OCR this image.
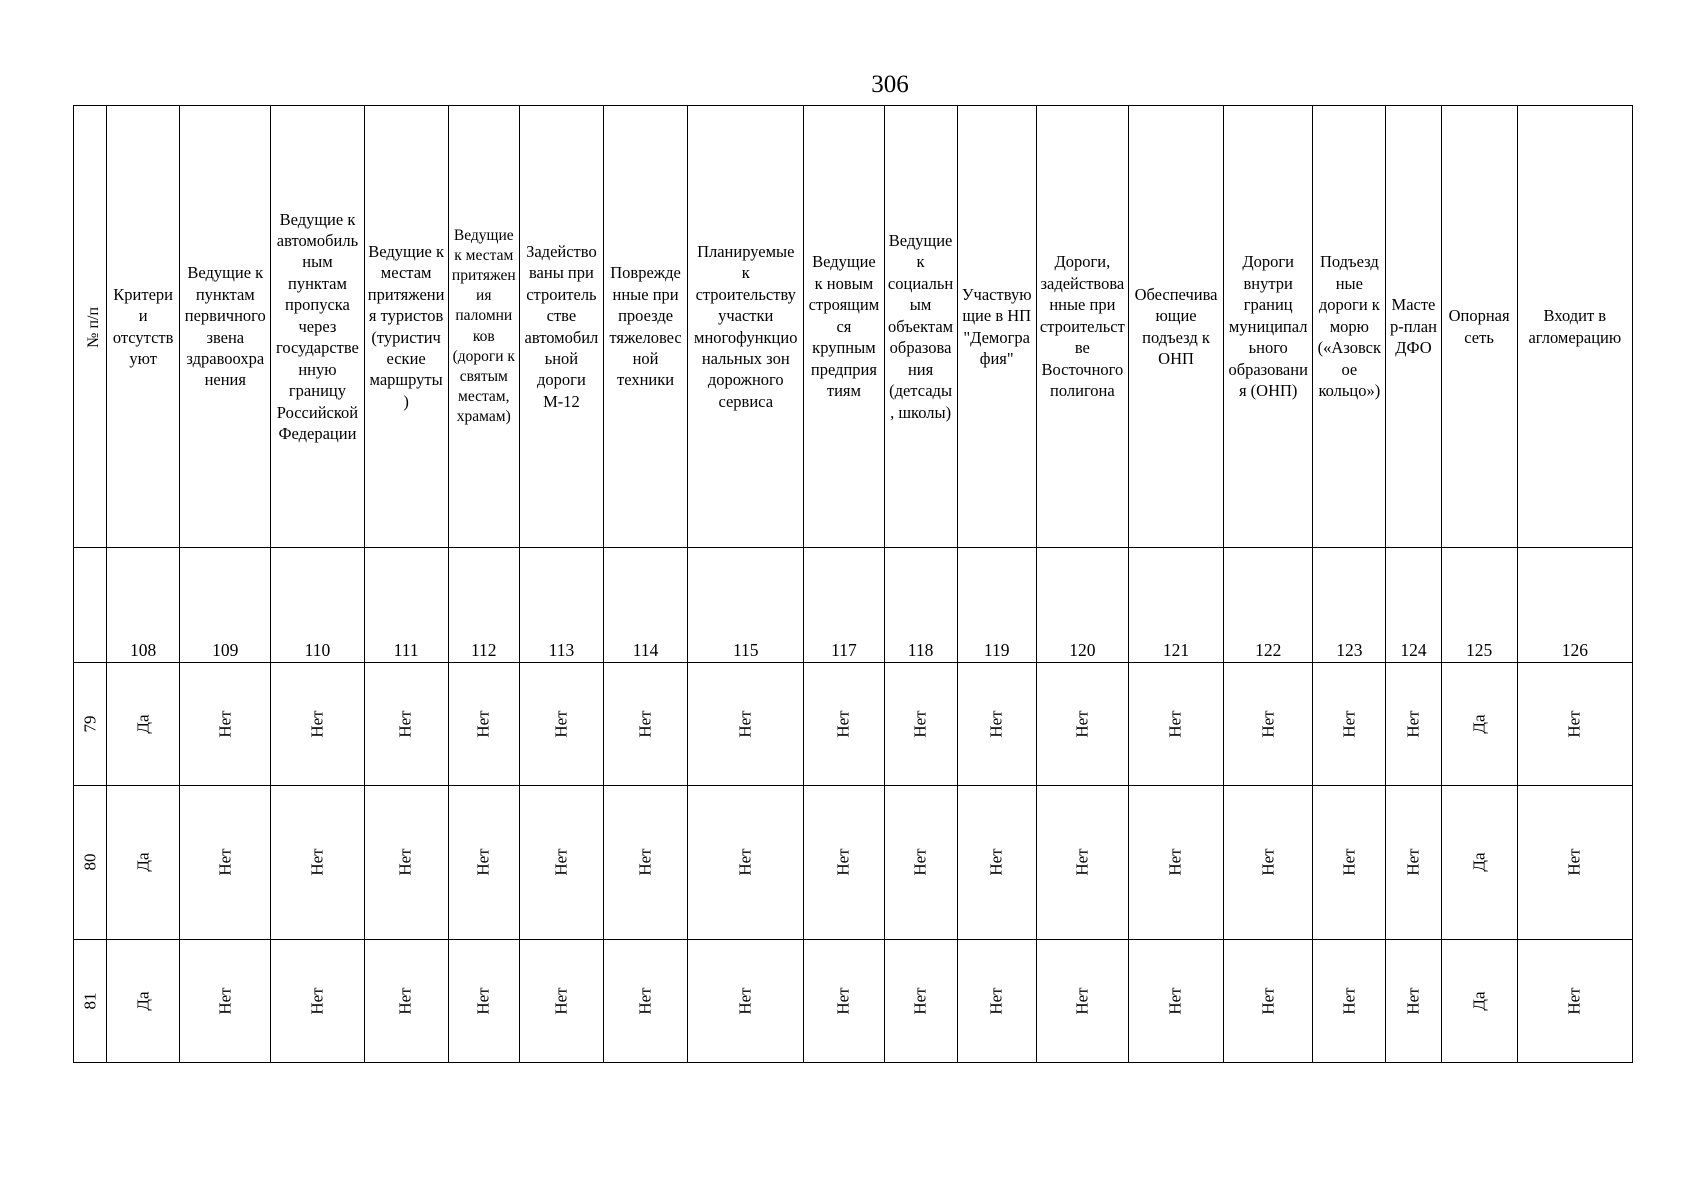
306
№ п/п	Критерии отсутствуют	Ведущие к пунктам первичного звена здравоохранения	Ведущие к автомобильным пунктам пропуска через государственную границу Российской Федерации	Ведущие к местам притяжения туристов (туристические маршруты)	Ведущие к местам притяжения паломников (дороги к святым местам, храмам)	Задействованы при строительстве автомобильной дороги М-12	Поврежденные при проезде тяжеловесной техники	Планируемые к строительству участки многофункциональных зон дорожного сервиса	Ведущие к новым строящимся крупным предприятиям	Ведущие к социальным объектам образования (детсады, школы)	Участвующие в НП "Демография"	Дороги, задействованные при строительстве Восточного полигона	Обеспечивающие подъезд к ОНП	Дороги внутри границ муниципального образования (ОНП)	Подъездные дороги к морю («Азовское кольцо»)	Мастер-план ДФО	Опорная сеть	Входит в агломерацию
	108	109	110	111	112	113	114	115	117	118	119	120	121	122	123	124	125	126
79	Да	Нет	Нет	Нет	Нет	Нет	Нет	Нет	Нет	Нет	Нет	Нет	Нет	Нет	Нет	Нет	Да	Нет
80	Да	Нет	Нет	Нет	Нет	Нет	Нет	Нет	Нет	Нет	Нет	Нет	Нет	Нет	Нет	Нет	Да	Нет
81	Да	Нет	Нет	Нет	Нет	Нет	Нет	Нет	Нет	Нет	Нет	Нет	Нет	Нет	Нет	Нет	Да	Нет
